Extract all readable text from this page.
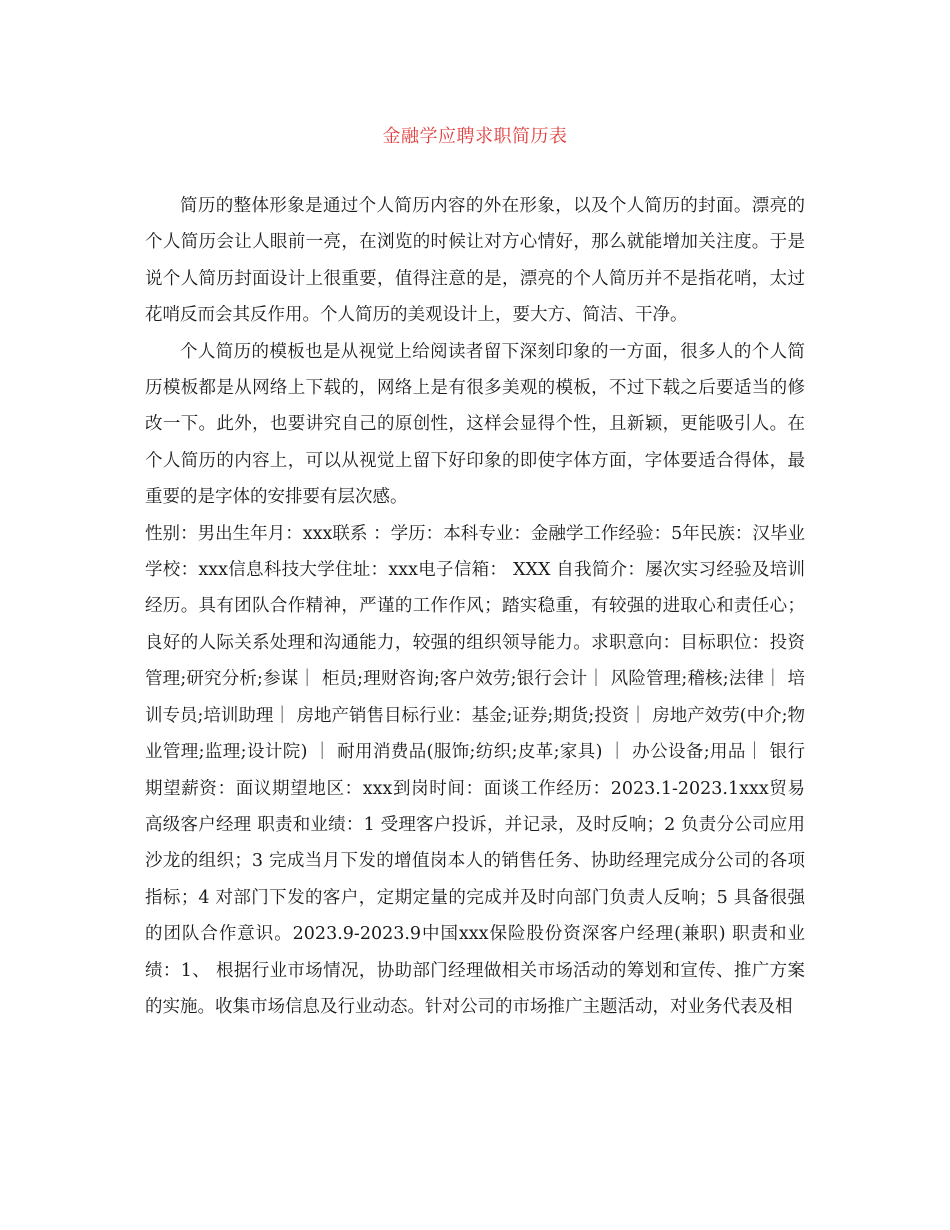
金融学应聘求职简历表

简历的整体形象是通过个人简历内容的外在形象，以及个人简历的封面。漂亮的个人简历会让人眼前一亮，在浏览的时候让对方心情好，那么就能增加关注度。于是说个人简历封面设计上很重要，值得注意的是，漂亮的个人简历并不是指花哨，太过花哨反而会其反作用。个人简历的美观设计上，要大方、简洁、干净。

个人简历的模板也是从视觉上给阅读者留下深刻印象的一方面，很多人的个人简历模板都是从网络上下载的，网络上是有很多美观的模板，不过下载之后要适当的修改一下。此外，也要讲究自己的原创性，这样会显得个性，且新颖，更能吸引人。在个人简历的内容上，可以从视觉上留下好印象的即使字体方面，字体要适合得体，最重要的是字体的安排要有层次感。

性别：男出生年月：xxx联系 ：学历：本科专业：金融学工作经验：5年民族：汉毕业学校：xxx信息科技大学住址：xxx电子信箱： XXX 自我简介：屡次实习经验及培训经历。具有团队合作精神，严谨的工作作风；踏实稳重，有较强的进取心和责任心；良好的人际关系处理和沟通能力，较强的组织领导能力。求职意向：目标职位：投资管理;研究分析;参谋｜ 柜员;理财咨询;客户效劳;银行会计｜ 风险管理;稽核;法律｜ 培训专员;培训助理｜ 房地产销售目标行业：基金;证券;期货;投资｜ 房地产效劳(中介;物业管理;监理;设计院) ｜ 耐用消费品(服饰;纺织;皮革;家具) ｜ 办公设备;用品｜ 银行期望薪资：面议期望地区：xxx到岗时间：面谈工作经历：2023.1-2023.1xxx贸易高级客户经理 职责和业绩：1 受理客户投诉，并记录，及时反响；2 负责分公司应用沙龙的组织；3 完成当月下发的增值岗本人的销售任务、协助经理完成分公司的各项指标；4 对部门下发的客户，定期定量的完成并及时向部门负责人反响；5 具备很强的团队合作意识。2023.9-2023.9中国xxx保险股份资深客户经理(兼职) 职责和业绩：1、 根据行业市场情况，协助部门经理做相关市场活动的筹划和宣传、推广方案的实施。收集市场信息及行业动态。针对公司的市场推广主题活动，对业务代表及相
